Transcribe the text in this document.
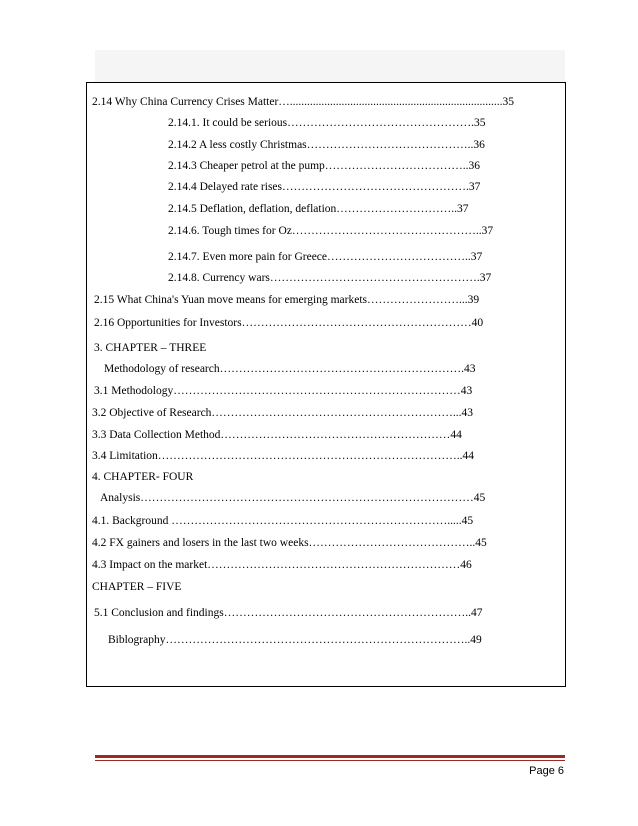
2.14 Why China Currency Crises Matter…..........................................................................35
2.14.1. It could be serious………………………………………….35
2.14.2 A less costly Christmas……………………………………..36
2.14.3 Cheaper petrol at the pump………………………………..36
2.14.4 Delayed rate rises………………………………………….37
2.14.5 Deflation, deflation, deflation…………………………..37
2.14.6. Tough times for Oz…………………………………………..37
2.14.7. Even more pain for Greece………………………………..37
2.14.8. Currency wars……………………………………………….37
2.15 What China's Yuan move means for emerging markets……………………...39
2.16 Opportunities for Investors……………………………………………………40
3. CHAPTER – THREE
Methodology of research……………………………………………………….43
3.1 Methodology…………………………………………………………………43
3.2 Objective of Research………………………………………………………...43
3.3 Data Collection Method……………………………………………………44
3.4 Limitation……………………………………………………………………..44
4. CHAPTER- FOUR
Analysis……………………………………………………………………………45
4.1. Background ……………………………………………………………….....45
4.2 FX gainers and losers in the last two weeks……………………………………..45
4.3 Impact on the market…………………………………………………………46
CHAPTER – FIVE
5.1 Conclusion and findings………………………………………………………..47
Biblography……………………………………………………………………..49
Page 6
